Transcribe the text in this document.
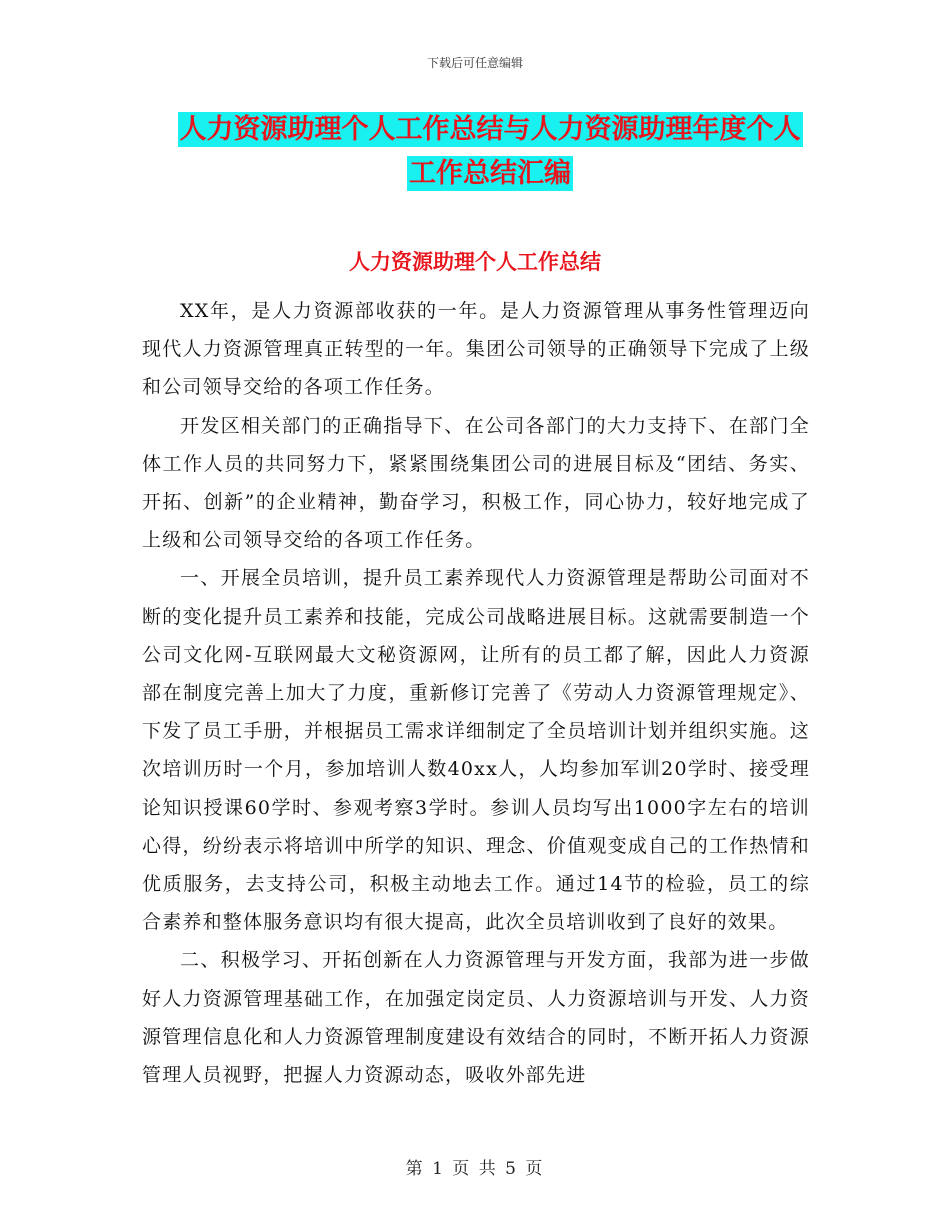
下载后可任意编辑
人力资源助理个人工作总结与人力资源助理年度个人
工作总结汇编
人力资源助理个人工作总结

XX年，是人力资源部收获的一年。是人力资源管理从事务性管理迈向现代人力资源管理真正转型的一年。集团公司领导的正确领导下完成了上级和公司领导交给的各项工作任务。

开发区相关部门的正确指导下、在公司各部门的大力支持下、在部门全体工作人员的共同努力下，紧紧围绕集团公司的进展目标及“团结、务实、开拓、创新”的企业精神，勤奋学习，积极工作，同心协力，较好地完成了上级和公司领导交给的各项工作任务。

一、开展全员培训，提升员工素养现代人力资源管理是帮助公司面对不断的变化提升员工素养和技能，完成公司战略进展目标。这就需要制造一个公司文化网-互联网最大文秘资源网，让所有的员工都了解，因此人力资源部在制度完善上加大了力度，重新修订完善了《劳动人力资源管理规定》、下发了员工手册，并根据员工需求详细制定了全员培训计划并组织实施。这次培训历时一个月，参加培训人数40xx人，人均参加军训20学时、接受理论知识授课60学时、参观考察3学时。参训人员均写出1000字左右的培训心得，纷纷表示将培训中所学的知识、理念、价值观变成自己的工作热情和优质服务，去支持公司，积极主动地去工作。通过14节的检验，员工的综合素养和整体服务意识均有很大提高，此次全员培训收到了良好的效果。

二、积极学习、开拓创新在人力资源管理与开发方面，我部为进一步做好人力资源管理基础工作，在加强定岗定员、人力资源培训与开发、人力资源管理信息化和人力资源管理制度建设有效结合的同时，不断开拓人力资源管理人员视野，把握人力资源动态，吸收外部先进

第 1 页 共 5 页
